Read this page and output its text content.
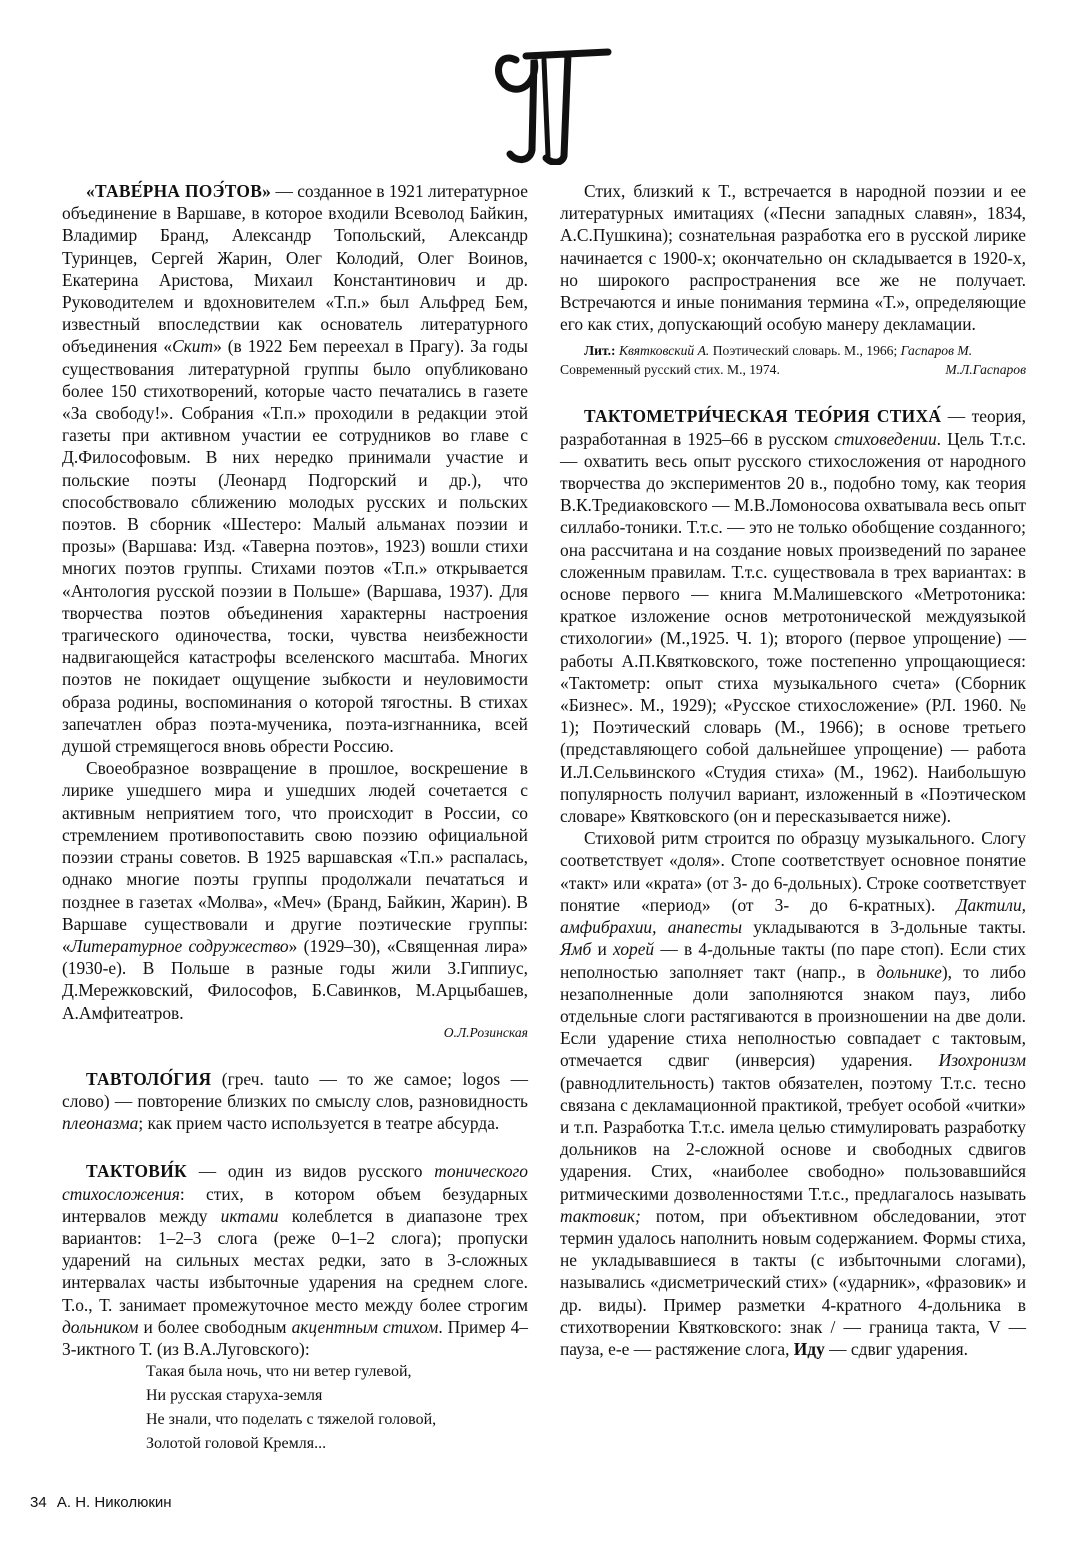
«ТАВЕ́РНА ПОЭ́ТОВ» — созданное в 1921 литературное объединение в Варшаве, в которое входили Всеволод Байкин, Владимир Бранд, Александр Топольский, Александр Туринцев, Сергей Жарин, Олег Колодий, Олег Воинов, Екатерина Аристова, Михаил Константинович и др. Руководителем и вдохновителем «Т.п.» был Альфред Бем, известный впоследствии как основатель литературного объединения «Скит» (в 1922 Бем переехал в Прагу). За годы существования литературной группы было опубликовано более 150 стихотворений, которые часто печатались в газете «За свободу!». Собрания «Т.п.» проходили в редакции этой газеты при активном участии ее сотрудников во главе с Д.Философовым. В них нередко принимали участие и польские поэты (Леонард Подгорский и др.), что способствовало сближению молодых русских и польских поэтов. В сборник «Шестеро: Малый альманах поэзии и прозы» (Варшава: Изд. «Таверна поэтов», 1923) вошли стихи многих поэтов группы. Стихами поэтов «Т.п.» открывается «Антология русской поэзии в Польше» (Варшава, 1937). Для творчества поэтов объединения характерны настроения трагического одиночества, тоски, чувства неизбежности надвигающейся катастрофы вселенского масштаба. Многих поэтов не покидает ощущение зыбкости и неуловимости образа родины, воспоминания о которой тягостны. В стихах запечатлен образ поэта-мученика, поэта-изгнанника, всей душой стремящегося вновь обрести Россию.

Своеобразное возвращение в прошлое, воскрешение в лирике ушедшего мира и ушедших людей сочетается с активным неприятием того, что происходит в России, со стремлением противопоставить свою поэзию официальной поэзии страны советов. В 1925 варшавская «Т.п.» распалась, однако многие поэты группы продолжали печататься и позднее в газетах «Молва», «Меч» (Бранд, Байкин, Жарин). В Варшаве существовали и другие поэтические группы: «Литературное содружество» (1929–30), «Священная лира» (1930-е). В Польше в разные годы жили З.Гиппиус, Д.Мережковский, Философов, Б.Савинков, М.Арцыбашев, А.Амфитеатров.

О.Л.Розинская

ТАВТОЛО́ГИЯ (греч. tauto — то же самое; logos — слово) — повторение близких по смыслу слов, разновидность плеоназма; как прием часто используется в театре абсурда.

ТАКТОВИ́К — один из видов русского тонического стихосложения: стих, в котором объем безударных интервалов между иктами колеблется в диапазоне трех вариантов: 1–2–3 слога (реже 0–1–2 слога); пропуски ударений на сильных местах редки, зато в 3-сложных интервалах часты избыточные ударения на среднем слоге. Т.о., Т. занимает промежуточное место между более строгим дольником и более свободным акцентным стихом. Пример 4–3-иктного Т. (из В.А.Луговского):

Такая была ночь, что ни ветер гулевой,
Ни русская старуха-земля
Не знали, что поделать с тяжелой головой,
Золотой головой Кремля...

Стих, близкий к Т., встречается в народной поэзии и ее литературных имитациях («Песни западных славян», 1834, А.С.Пушкина); сознательная разработка его в русской лирике начинается с 1900-х; окончательно он складывается в 1920-х, но широкого распространения все же не получает. Встречаются и иные понимания термина «Т.», определяющие его как стих, допускающий особую манеру декламации.

Лит.: Квятковский А. Поэтический словарь. М., 1966; Гаспаров М.
Современный русский стих. М., 1974.	М.Л.Гаспаров

ТАКТОМЕТРИ́ЧЕСКАЯ ТЕО́РИЯ СТИХА́ — теория, разработанная в 1925–66 в русском стиховедении. Цель Т.т.с. — охватить весь опыт русского стихосложения от народного творчества до экспериментов 20 в., подобно тому, как теория В.К.Тредиаковского — М.В.Ломоносова охватывала весь опыт силлабо-тоники. Т.т.с. — это не только обобщение созданного; она рассчитана и на создание новых произведений по заранее сложенным правилам. Т.т.с. существовала в трех вариантах: в основе первого — книга М.Малишевского «Метротоника: краткое изложение основ метротонической междуязыкой стихологии» (М.,1925. Ч. 1); второго (первое упрощение) — работы А.П.Квятковского, тоже постепенно упрощающиеся: «Тактометр: опыт стиха музыкального счета» (Сборник «Бизнес». М., 1929); «Русское стихосложение» (РЛ. 1960. № 1); Поэтический словарь (М., 1966); в основе третьего (представляющего собой дальнейшее упрощение) — работа И.Л.Сельвинского «Студия стиха» (М., 1962). Наибольшую популярность получил вариант, изложенный в «Поэтическом словаре» Квятковского (он и пересказывается ниже).

Стиховой ритм строится по образцу музыкального. Слогу соответствует «доля». Стопе соответствует основное понятие «такт» или «крата» (от 3- до 6-дольных). Строке соответствует понятие «период» (от 3- до 6-кратных). Дактили, амфибрахии, анапесты укладываются в 3-дольные такты. Ямб и хорей — в 4-дольные такты (по паре стоп). Если стих неполностью заполняет такт (напр., в дольнике), то либо незаполненные доли заполняются знаком пауз, либо отдельные слоги растягиваются в произношении на две доли. Если ударение стиха неполностью совпадает с тактовым, отмечается сдвиг (инверсия) ударения. Изохронизм (равнодлительность) тактов обязателен, поэтому Т.т.с. тесно связана с декламационной практикой, требует особой «читки» и т.п. Разработка Т.т.с. имела целью стимулировать разработку дольников на 2-сложной основе и свободных сдвигов ударения. Стих, «наиболее свободно» пользовавшийся ритмическими дозволенностями Т.т.с., предлагалось называть тактовик; потом, при объективном обследовании, этот термин удалось наполнить новым содержанием. Формы стиха, не укладывавшиеся в такты (с избыточными слогами), назывались «дисметрический стих» («ударник», «фразовик» и др. виды). Пример разметки 4-кратного 4-дольника в стихотворении Квятковского: знак / — граница такта, V — пауза, е-е — растяжение слога, Иду — сдвиг ударения.

34 А. Н. Николюкин
